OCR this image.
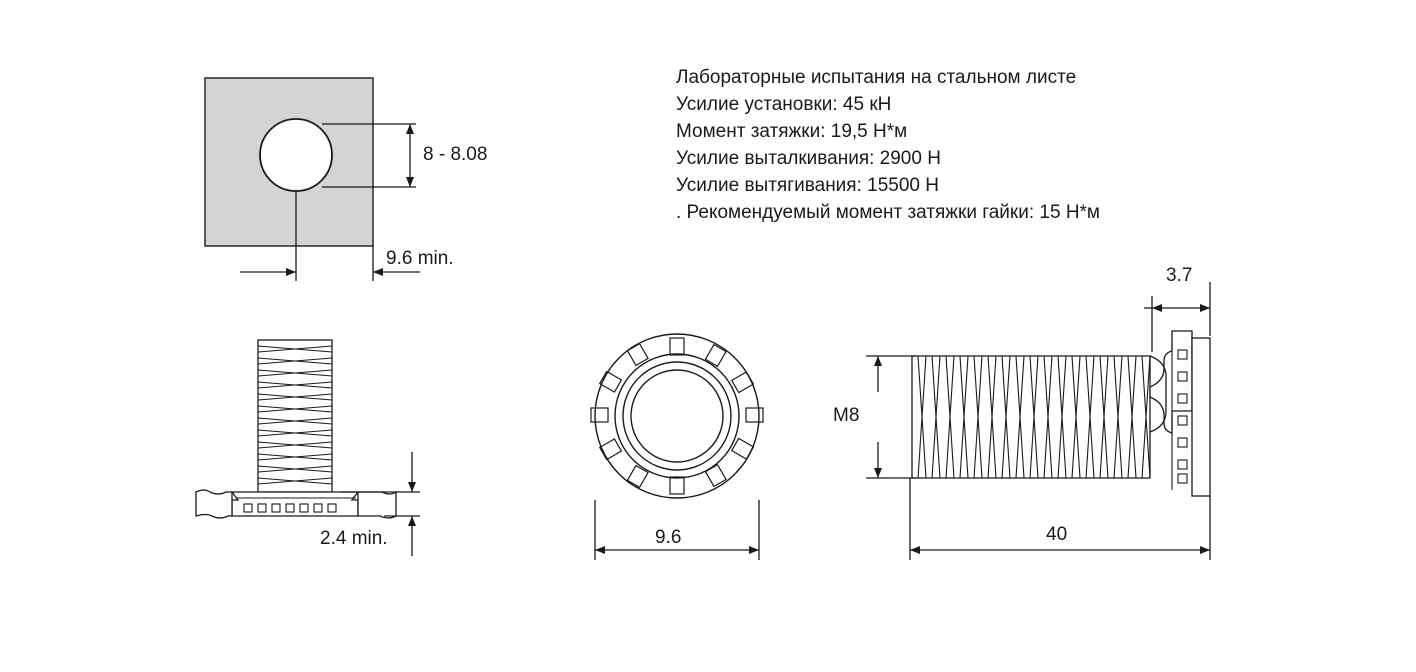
8 - 8.08
9.6 min.
2.4 min.	9.6
M8
3.7
40
Лабораторные испытания на стальном листе
Усилие установки: 45 кН
Момент затяжки: 19,5 Н*м
Усилие выталкивания: 2900 Н
Усилие вытягивания: 15500 Н
. Рекомендуемый момент затяжки гайки: 15 Н*м
